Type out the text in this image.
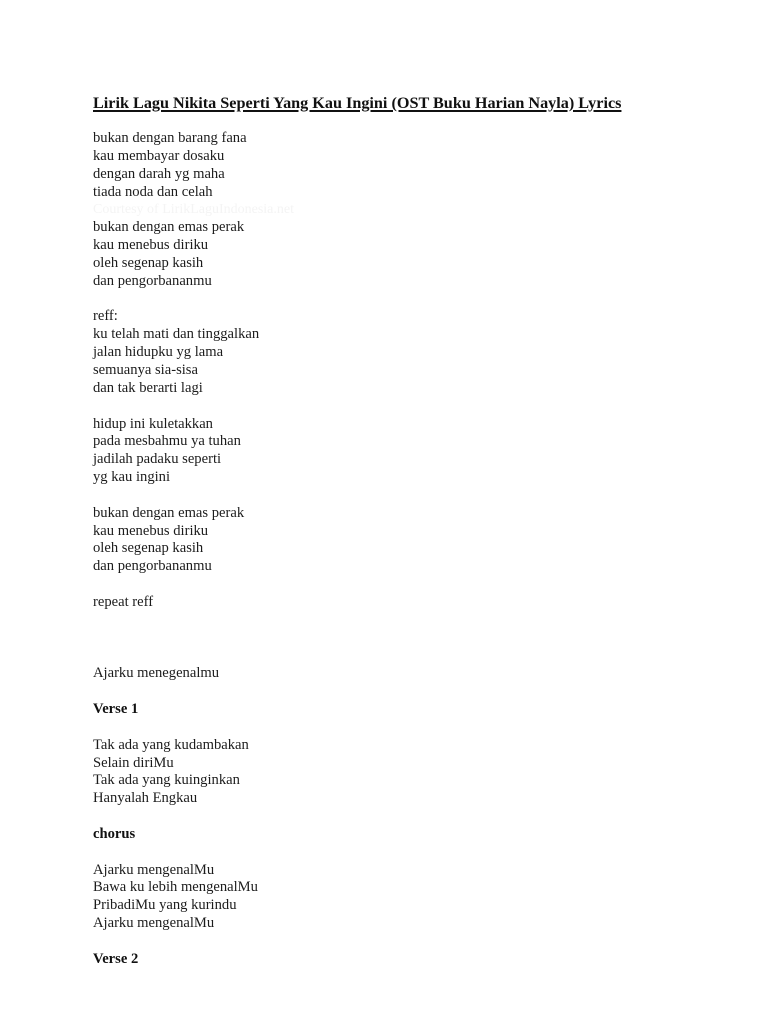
Lirik Lagu Nikita Seperti Yang Kau Ingini (OST Buku Harian Nayla) Lyrics
bukan dengan barang fana
kau membayar dosaku
dengan darah yg maha
tiada noda dan celah
Courtesy of LirikLaguIndonesia.net
bukan dengan emas perak
kau menebus diriku
oleh segenap kasih
dan pengorbananmu
reff:
ku telah mati dan tinggalkan
jalan hidupku yg lama
semuanya sia-sisa
dan tak berarti lagi
hidup ini kuletakkan
pada mesbahmu ya tuhan
jadilah padaku seperti
yg kau ingini
bukan dengan emas perak
kau menebus diriku
oleh segenap kasih
dan pengorbananmu
repeat reff
Ajarku menegenalmu
Verse 1
Tak ada yang kudambakan
Selain diriMu
Tak ada yang kuinginkan
Hanyalah Engkau
chorus
Ajarku mengenalMu
Bawa ku lebih mengenalMu
PribadiMu yang kurindu
Ajarku mengenalMu
Verse 2
